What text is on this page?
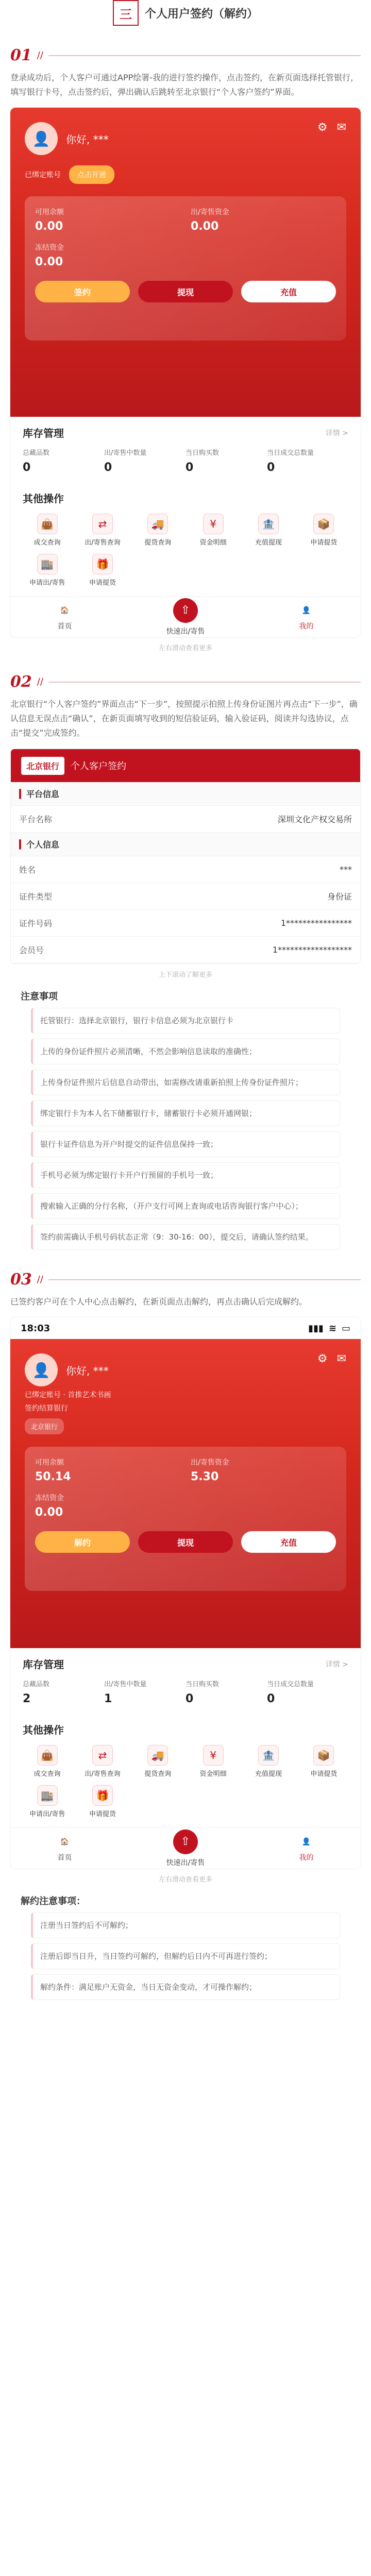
三	个人用户签约（解约）
01 //

登录成功后，个人客户可通过APP绘署-我的进行签约操作，点击签约，在新页面选择托管银行，填写银行卡号，点击签约后，弹出确认后跳转至北京银行“个人客户签约”界面。

⚙︎ ✉︎
👤	你好, ***
已绑定账号	点击开通
可用余额
0.00
出/寄售资金
0.00
冻结资金
0.00
签约	提现	充值
库存管理	详情 >
总藏品数
0
出/寄售中数量
0
当日购买数
0
当日成交总数量
0
其他操作
👜
成交查询
⇄
出/寄售查询
🚚
提货查询
¥
资金明细
🏦
充值提现
📦
申请提货
🏬
申请出/寄售
🎁
申请提货
🏠
首页
⇧
快速出/寄售
👤
我的
左右滑动查看更多
02 //

北京银行“个人客户签约”界面点击“下一步”，按照提示拍照上传身份证图片再点击“下一步”，确认信息无误点击“确认”，在新页面填写收到的短信验证码，输入验证码，阅读并勾选协议，点击“提交”完成签约。

北京银行	个人客户签约
平台信息
平台名称	深圳文化产权交易所
个人信息
姓名	***
证件类型	身份证
证件号码	1****************
会员号	1******************
上下滚动了解更多
注意事项
托管银行：选择北京银行，银行卡信息必须为北京银行卡
上传的身份证件照片必须清晰，不然会影响信息读取的准确性；
上传身份证件照片后信息自动带出，如需修改请重新拍照上传身份证件照片；
绑定银行卡为本人名下储蓄银行卡，储蓄银行卡必须开通网银；
银行卡证件信息为开户时提交的证件信息保持一致；
手机号必须为绑定银行卡开户行预留的手机号一致；
搜索输入正确的分行名称，（开户支行可网上查询或电话咨询银行客户中心）；
签约前需确认手机号码状态正常（9：30-16：00），提交后，请确认签约结果。
03 //

已签约客户可在个人中心点击解约，在新页面点击解约，再点击确认后完成解约。

18:03	▮▮▮ ≋ ▭
⚙︎ ✉︎
👤	你好, ***
已绑定账号 · 首推艺术书画
签约结算银行
北京银行
可用余额
50.14
出/寄售资金
5.30
冻结资金
0.00
解约	提现	充值
库存管理	详情 >
总藏品数
2
出/寄售中数量
1
当日购买数
0
当日成交总数量
0
其他操作
👜
成交查询
⇄
出/寄售查询
🚚
提货查询
¥
资金明细
🏦
充值提现
📦
申请提货
🏬
申请出/寄售
🎁
申请提货
🏠
首页
⇧
快速出/寄售
👤
我的
左右滑动查看更多
解约注意事项：
注册当日签约后不可解约；
注册后即当日升，当日签约可解约，但解约后日内不可再进行签约；
解约条件：满足账户无资金，当日无资金变动，才可操作解约；
